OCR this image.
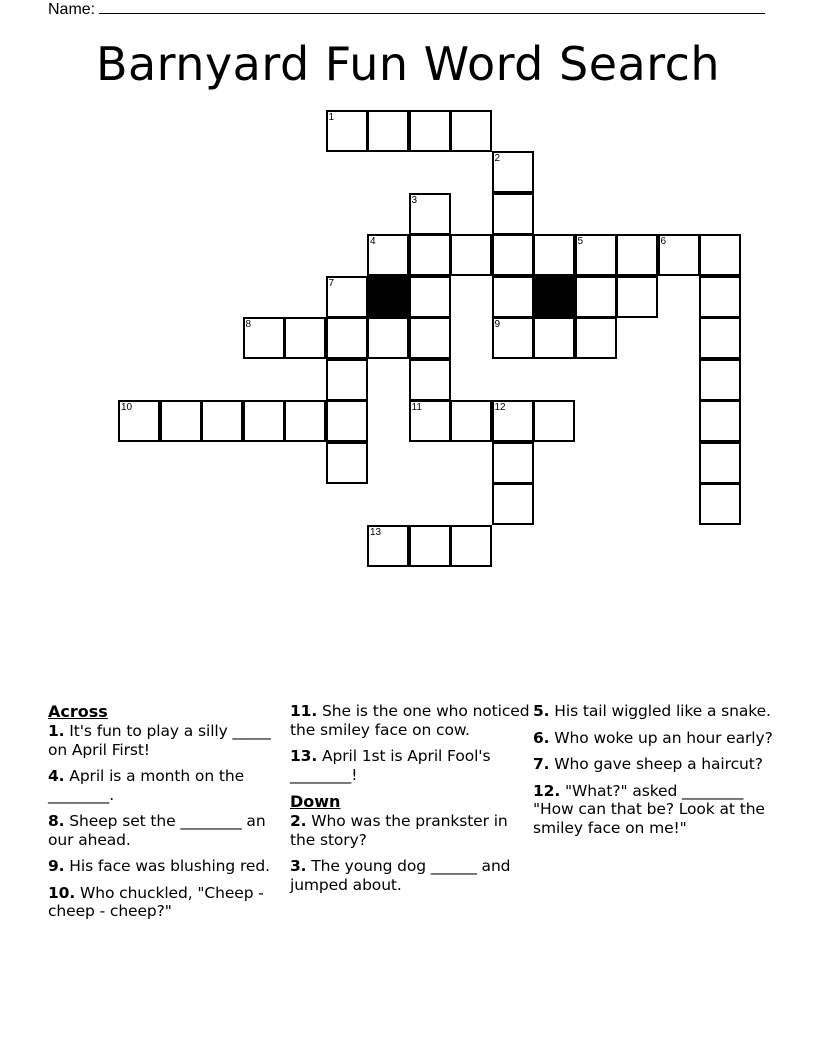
Name:
Barnyard Fun Word Search
1
2
3
4	5	6
7
8	9
10	11	12
13
Across
1. It's fun to play a silly _____ on April First!
4. April is a month on the ________.
8. Sheep set the ________ an our ahead.
9. His face was blushing red.
10. Who chuckled, "Cheep - cheep - cheep?"
11. She is the one who noticed the smiley face on cow.
13. April 1st is April Fool's ________!
Down
2. Who was the prankster in the story?
3. The young dog ______ and jumped about.
5. His tail wiggled like a snake.
6. Who woke up an hour early?
7. Who gave sheep a haircut?
12. "What?" asked ________ "How can that be? Look at the smiley face on me!"
